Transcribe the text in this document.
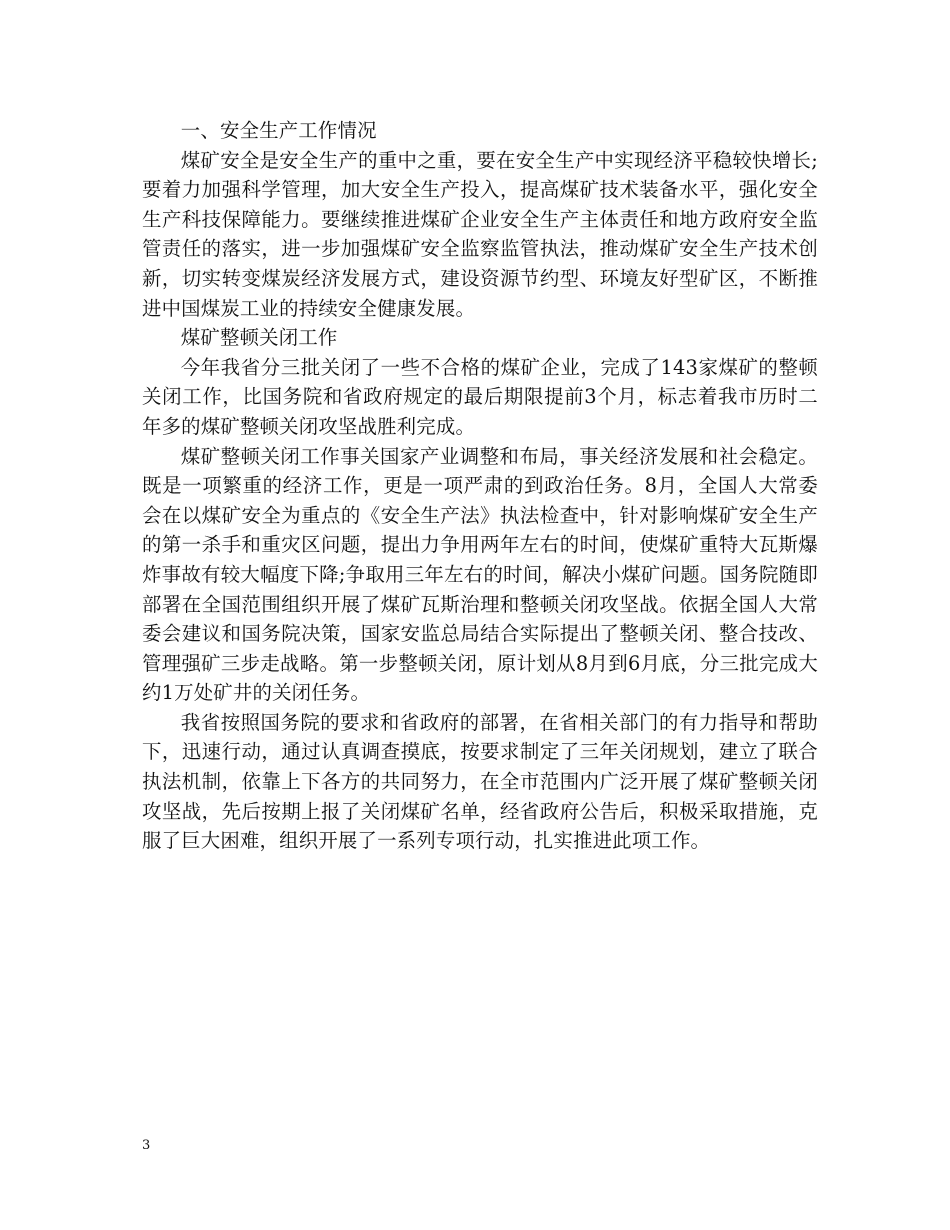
一、安全生产工作情况

煤矿安全是安全生产的重中之重，要在安全生产中实现经济平稳较快增长;要着力加强科学管理，加大安全生产投入，提高煤矿技术装备水平，强化安全生产科技保障能力。要继续推进煤矿企业安全生产主体责任和地方政府安全监管责任的落实，进一步加强煤矿安全监察监管执法，推动煤矿安全生产技术创新，切实转变煤炭经济发展方式，建设资源节约型、环境友好型矿区，不断推进中国煤炭工业的持续安全健康发展。

煤矿整顿关闭工作

今年我省分三批关闭了一些不合格的煤矿企业，完成了143家煤矿的整顿关闭工作，比国务院和省政府规定的最后期限提前3个月，标志着我市历时二年多的煤矿整顿关闭攻坚战胜利完成。

煤矿整顿关闭工作事关国家产业调整和布局，事关经济发展和社会稳定。既是一项繁重的经济工作，更是一项严肃的到政治任务。8月，全国人大常委会在以煤矿安全为重点的《安全生产法》执法检查中，针对影响煤矿安全生产的第一杀手和重灾区问题，提出力争用两年左右的时间，使煤矿重特大瓦斯爆炸事故有较大幅度下降;争取用三年左右的时间，解决小煤矿问题。国务院随即部署在全国范围组织开展了煤矿瓦斯治理和整顿关闭攻坚战。依据全国人大常委会建议和国务院决策，国家安监总局结合实际提出了整顿关闭、整合技改、管理强矿三步走战略。第一步整顿关闭，原计划从8月到6月底，分三批完成大约1万处矿井的关闭任务。

我省按照国务院的要求和省政府的部署，在省相关部门的有力指导和帮助下，迅速行动，通过认真调查摸底，按要求制定了三年关闭规划，建立了联合执法机制，依靠上下各方的共同努力，在全市范围内广泛开展了煤矿整顿关闭攻坚战，先后按期上报了关闭煤矿名单，经省政府公告后，积极采取措施，克服了巨大困难，组织开展了一系列专项行动，扎实推进此项工作。

3
